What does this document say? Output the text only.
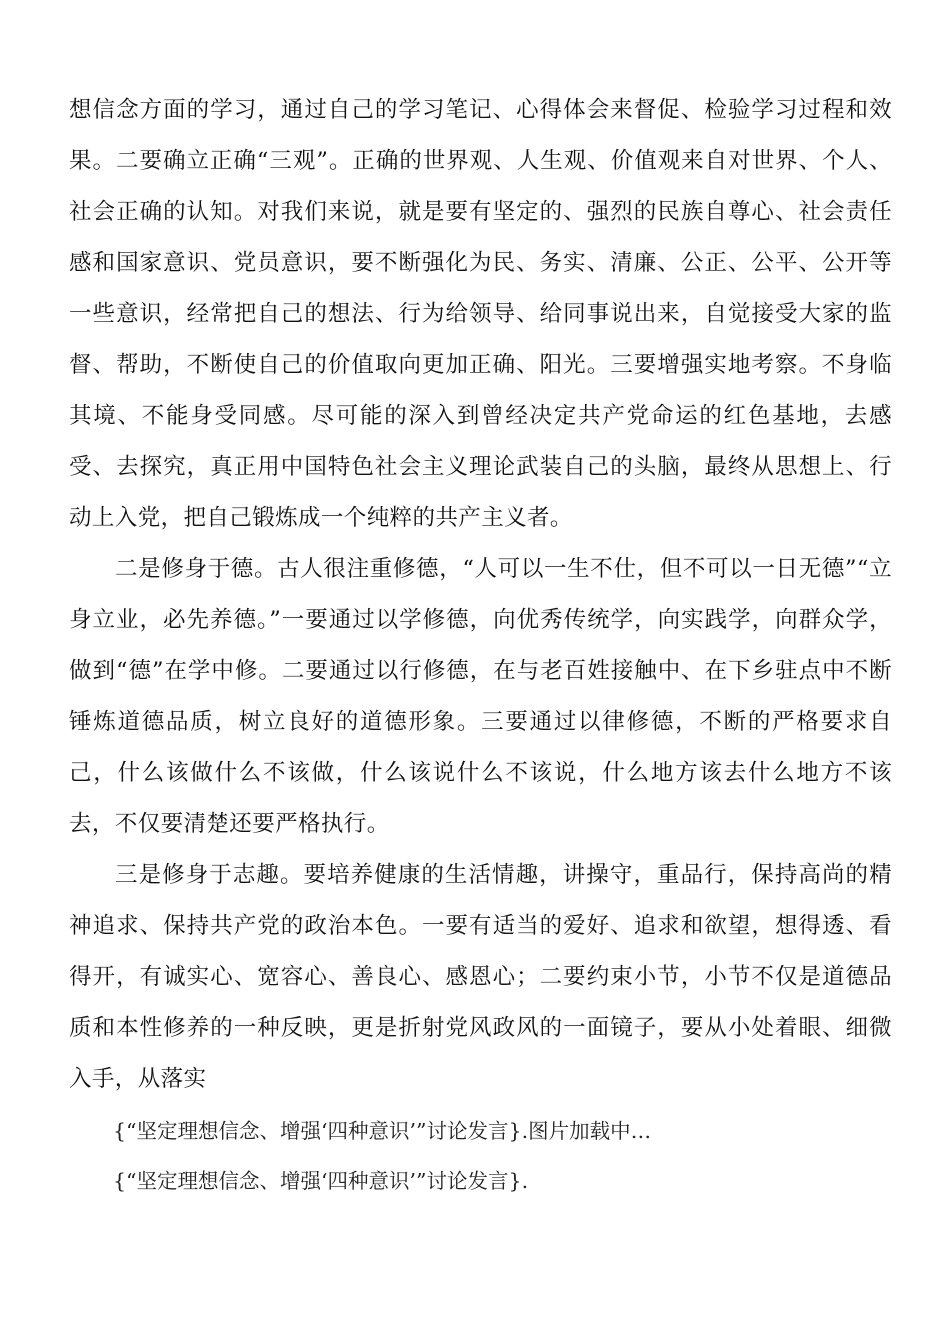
想信念方面的学习，通过自己的学习笔记、心得体会来督促、检验学习过程和效果。二要确立正确“三观”。正确的世界观、人生观、价值观来自对世界、个人、社会正确的认知。对我们来说，就是要有坚定的、强烈的民族自尊心、社会责任感和国家意识、党员意识，要不断强化为民、务实、清廉、公正、公平、公开等一些意识，经常把自己的想法、行为给领导、给同事说出来，自觉接受大家的监督、帮助，不断使自己的价值取向更加正确、阳光。三要增强实地考察。不身临其境、不能身受同感。尽可能的深入到曾经决定共产党命运的红色基地，去感受、去探究，真正用中国特色社会主义理论武装自己的头脑，最终从思想上、行动上入党，把自己锻炼成一个纯粹的共产主义者。

二是修身于德。古人很注重修德，“人可以一生不仕，但不可以一日无德”“立身立业，必先养德。”一要通过以学修德，向优秀传统学，向实践学，向群众学，做到“德”在学中修。二要通过以行修德，在与老百姓接触中、在下乡驻点中不断锤炼道德品质，树立良好的道德形象。三要通过以律修德，不断的严格要求自己，什么该做什么不该做，什么该说什么不该说，什么地方该去什么地方不该去，不仅要清楚还要严格执行。

三是修身于志趣。要培养健康的生活情趣，讲操守，重品行，保持高尚的精神追求、保持共产党的政治本色。一要有适当的爱好、追求和欲望，想得透、看得开，有诚实心、宽容心、善良心、感恩心；二要约束小节，小节不仅是道德品质和本性修养的一种反映，更是折射党风政风的一面镜子，要从小处着眼、细微入手，从落实

{“坚定理想信念、增强‘四种意识’”讨论发言}.图片加载中…
{“坚定理想信念、增强‘四种意识’”讨论发言}.
